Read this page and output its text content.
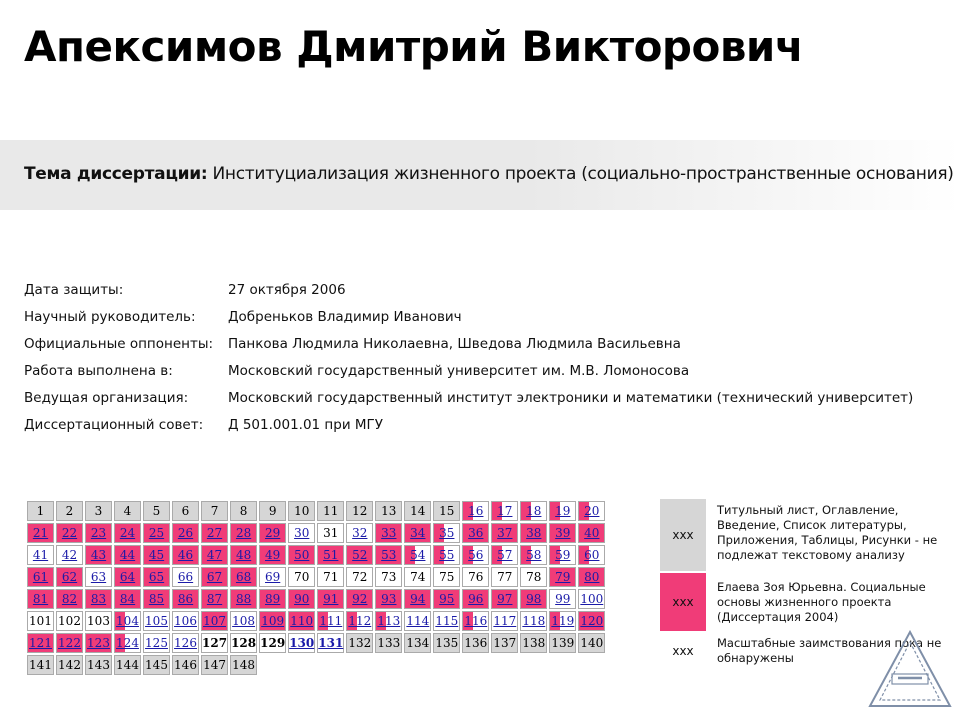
Апексимов Дмитрий Викторович
Тема диссертации: Институциализация жизненного проекта (социально-пространственные основания)
Дата защиты:	27 октября 2006
Научный руководитель:	Добреньков Владимир Иванович
Официальные оппоненты:	Панкова Людмила Николаевна, Шведова Людмила Васильевна
Работа выполнена в:	Московский государственный университет им. М.В. Ломоносова
Ведущая организация:	Московский государственный институт электроники и математики (технический университет)
Диссертационный совет:	Д 501.001.01 при МГУ
1	2	3	4	5	6	7	8	9	10	11	12	13	14	15	16	17	18	19	20
21	22	23	24	25	26	27	28	29	30	31	32	33	34	35	36	37	38	39	40
41	42	43	44	45	46	47	48	49	50	51	52	53	54	55	56	57	58	59	60
61	62	63	64	65	66	67	68	69	70	71	72	73	74	75	76	77	78	79	80
81	82	83	84	85	86	87	88	89	90	91	92	93	94	95	96	97	98	99	100
101	102	103	104	105	106	107	108	109	110	111	112	113	114	115	116	117	118	119	120
121	122	123	124	125	126	127	128	129	130	131	132	133	134	135	136	137	138	139	140
141	142	143	144	145	146	147	148												
xxx
Титульный лист, Оглавление, Введение, Список литературы, Приложения, Таблицы, Рисунки - не подлежат текстовому анализу
xxx
Елаева Зоя Юрьевна. Социальные основы жизненного проекта (Диссертация 2004)
xxx
Масштабные заимствования пока не обнаружены
